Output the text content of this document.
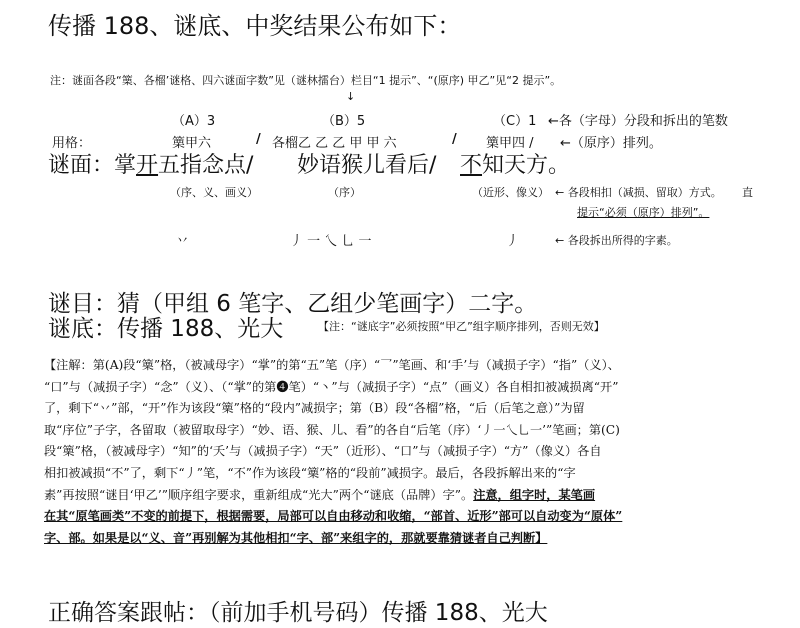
传播 188、谜底、中奖结果公布如下：
注：谜面各段“篥、各榴’谜格、四六谜面字数”见（谜林擂台）栏目“1 提示”、“(原序) 甲乙”见“2 提示”。
↓
（A）3	（B）5	（C）1 ←各（字母）分段和拆出的笔数
用格：	篥甲六	/ 各榴乙 乙 乙 甲 甲 六	/ 篥甲四 / ←（原序）排列。
谜面：掌开五指念点/ 妙语猴儿看后/ 不知天方。
（序、义、画义）	（序）	（近形、像义） ← 各段相扣（减损、留取）方式。 直
提示“必须（原序）排列”。
丷	丿 一 乀 乚 一	丿	← 各段拆出所得的字素。
谜目：猜（甲组 6 笔字、乙组少笔画字）二字。
谜底：传播 188、光大	【注：“谜底字”必须按照“甲乙”组字顺序排列，否则无效】

【注解：第(A)段“篥”格，（被减母字）“掌”的第“五”笔（序）“乛”笔画、和‘手’与（减损子字）“指”（义）、

“口”与（减损子字）“念”（义）、（“掌”的第❹笔）“丶”与（减损子字）“点”（画义）各自相扣被减损离“开”

了，剩下“丷”部，“开”作为该段“篥”格的“段内”减损字；第（B）段“各榴”格，“后（后笔之意）”为留

取“序位”子字，各留取（被留取母字）“妙、语、猴、儿、看”的各自“后笔（序）‘丿一乀乚一’”笔画；第(C)

段“篥”格，（被减母字）“知”的‘夭’与（减损子字）“天”（近形）、“口”与（减损子字）“方”（像义）各自

相扣被减损“不”了，剩下“丿”笔，“不”作为该段“篥”格的“段前”减损字。最后，各段拆解出来的“字

素”再按照“谜目‘甲乙’”顺序组字要求，重新组成“光大”两个“谜底（品牌）字”。注意，组字时，某笔画

在其“原笔画类”不变的前提下，根据需要，局部可以自由移动和收缩，“部首、近形”部可以自动变为“原体”

字、部。如果是以“义、音”再别解为其他相扣“字、部”来组字的，那就要靠猜谜者自己判断】

正确答案跟帖：（前加手机号码）传播 188、光大
